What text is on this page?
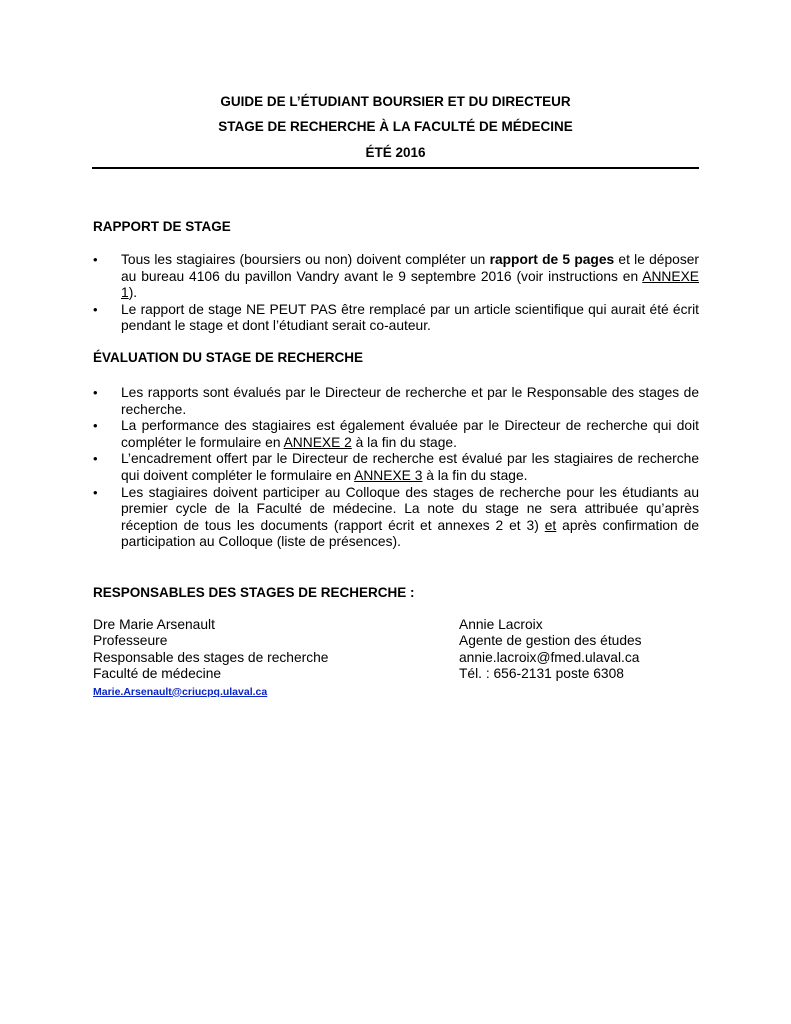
GUIDE DE L’ÉTUDIANT BOURSIER ET DU DIRECTEUR
STAGE DE RECHERCHE À LA FACULTÉ DE MÉDECINE
ÉTÉ 2016
RAPPORT DE STAGE
• Tous les stagiaires (boursiers ou non) doivent compléter un rapport de 5 pages et le déposer au bureau 4106 du pavillon Vandry avant le 9 septembre 2016 (voir instructions en ANNEXE 1).
• Le rapport de stage NE PEUT PAS être remplacé par un article scientifique qui aurait été écrit pendant le stage et dont l’étudiant serait co-auteur.
ÉVALUATION DU STAGE DE RECHERCHE
• Les rapports sont évalués par le Directeur de recherche et par le Responsable des stages de recherche.
• La performance des stagiaires est également évaluée par le Directeur de recherche qui doit compléter le formulaire en ANNEXE 2 à la fin du stage.
• L’encadrement offert par le Directeur de recherche est évalué par les stagiaires de recherche qui doivent compléter le formulaire en ANNEXE 3 à la fin du stage.
• Les stagiaires doivent participer au Colloque des stages de recherche pour les étudiants au premier cycle de la Faculté de médecine. La note du stage ne sera attribuée qu’après réception de tous les documents (rapport écrit et annexes 2 et 3) et après confirmation de participation au Colloque (liste de présences).
RESPONSABLES DES STAGES DE RECHERCHE :
Dre Marie Arsenault
Professeure
Responsable des stages de recherche
Faculté de médecine
Marie.Arsenault@criucpq.ulaval.ca
Annie Lacroix
Agente de gestion des études
annie.lacroix@fmed.ulaval.ca
Tél. : 656-2131 poste 6308
